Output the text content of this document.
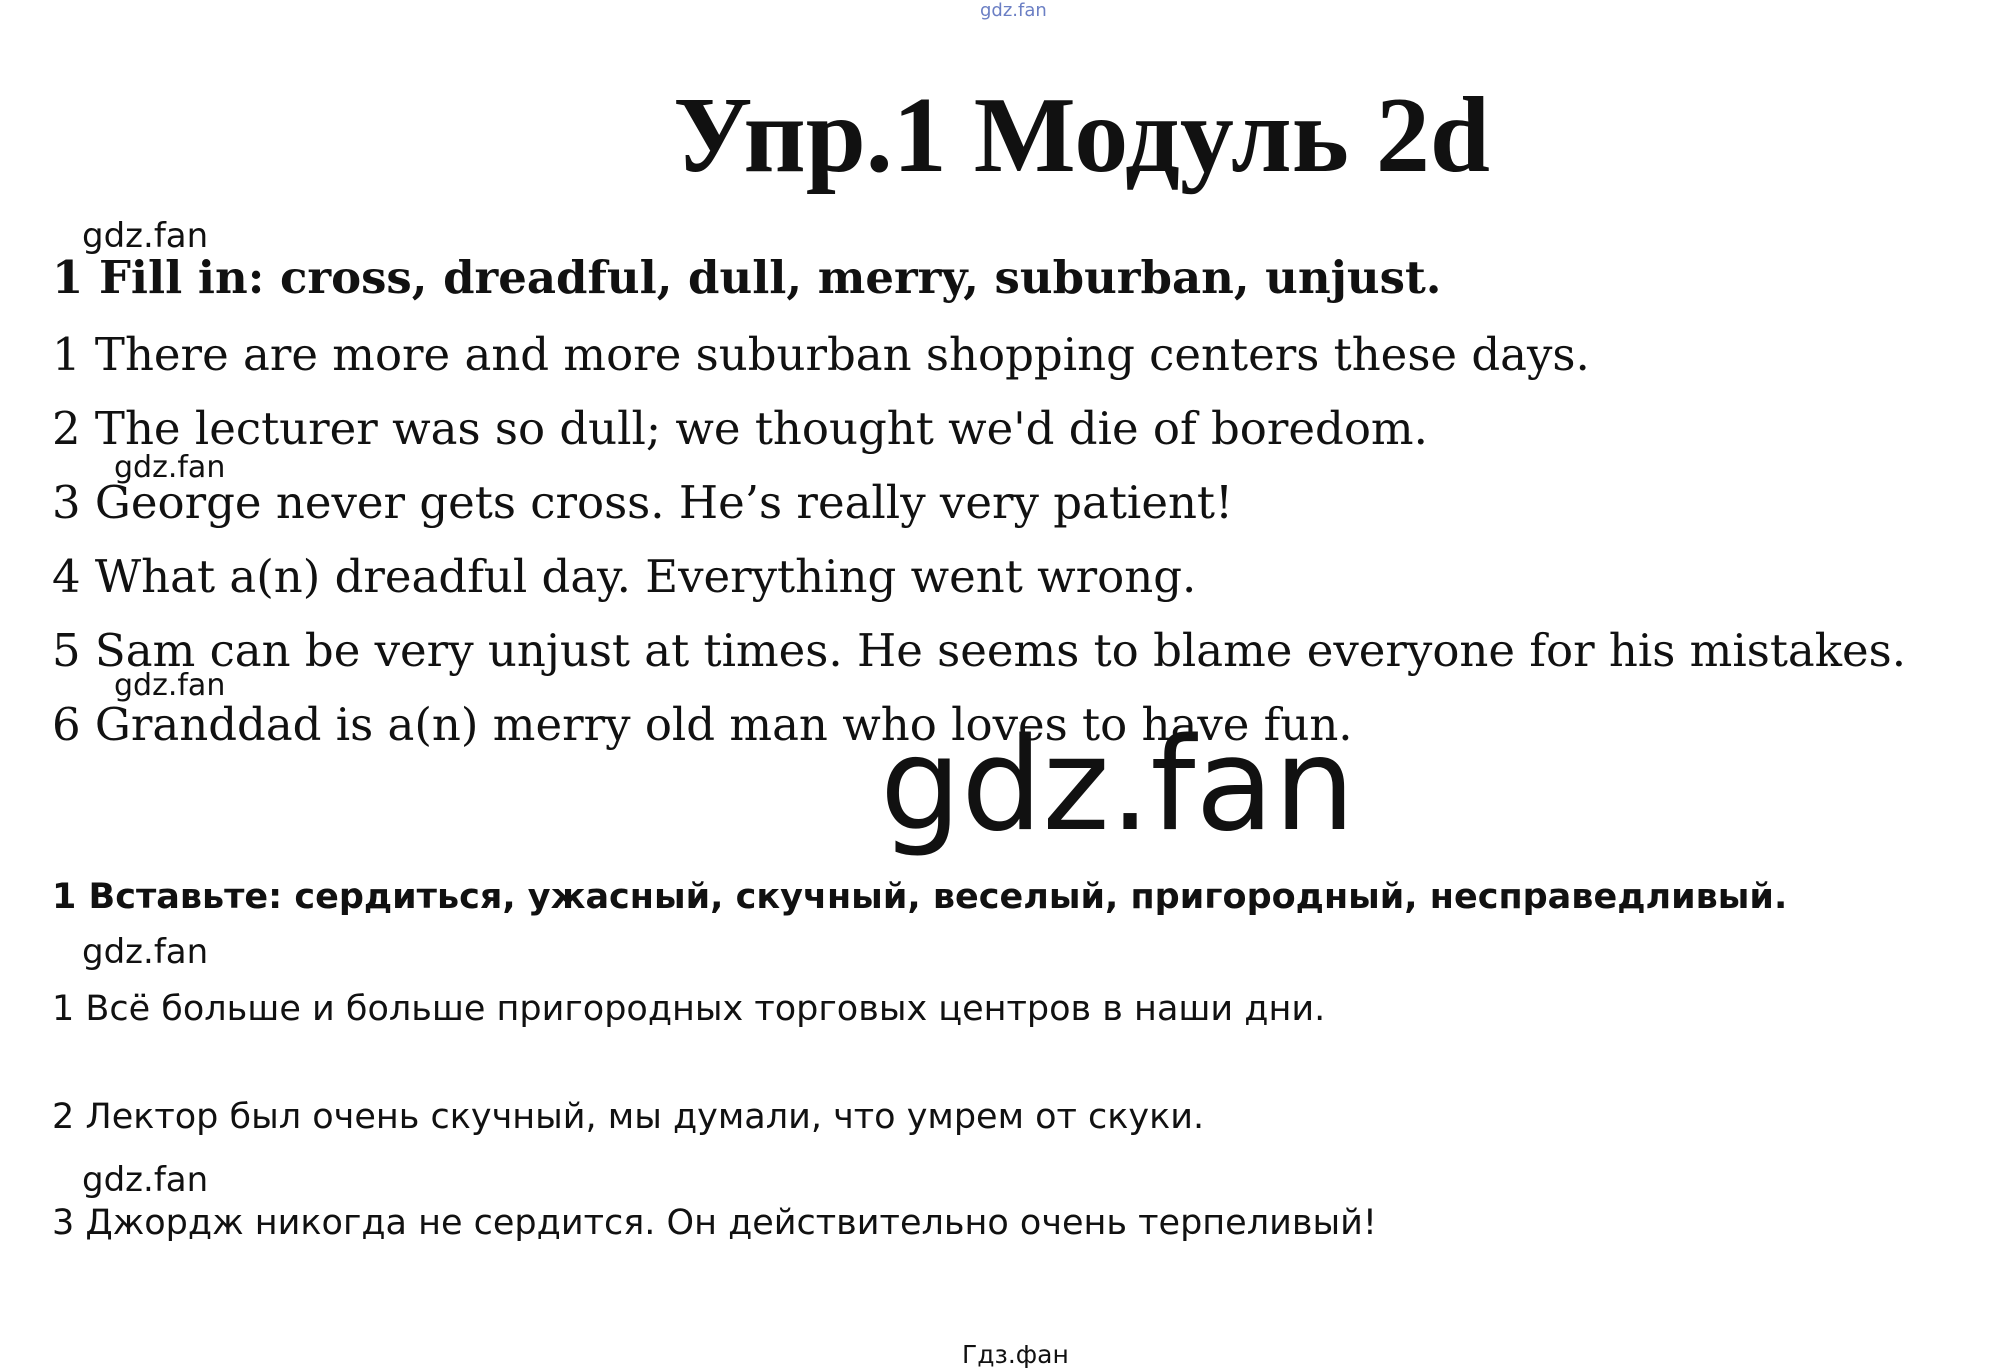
gdz.fan
Упр.1 Модуль 2d
gdz.fan
1 Fill in: cross, dreadful, dull, merry, suburban, unjust.
1 There are more and more suburban shopping centers these days.
2 The lecturer was so dull; we thought we'd die of boredom.
gdz.fan
3 George never gets cross. He’s really very patient!
4 What a(n) dreadful day. Everything went wrong.
5 Sam can be very unjust at times. He seems to blame everyone for his mistakes.
gdz.fan
6 Granddad is a(n) merry old man who loves to have fun.
gdz.fan
1 Вставьте: сердиться, ужасный, скучный, веселый, пригородный, несправедливый.
gdz.fan
1 Всё больше и больше пригородных торговых центров в наши дни.
2 Лектор был очень скучный, мы думали, что умрем от скуки.
gdz.fan
3 Джордж никогда не сердится. Он действительно очень терпеливый!
Гдз.фан
